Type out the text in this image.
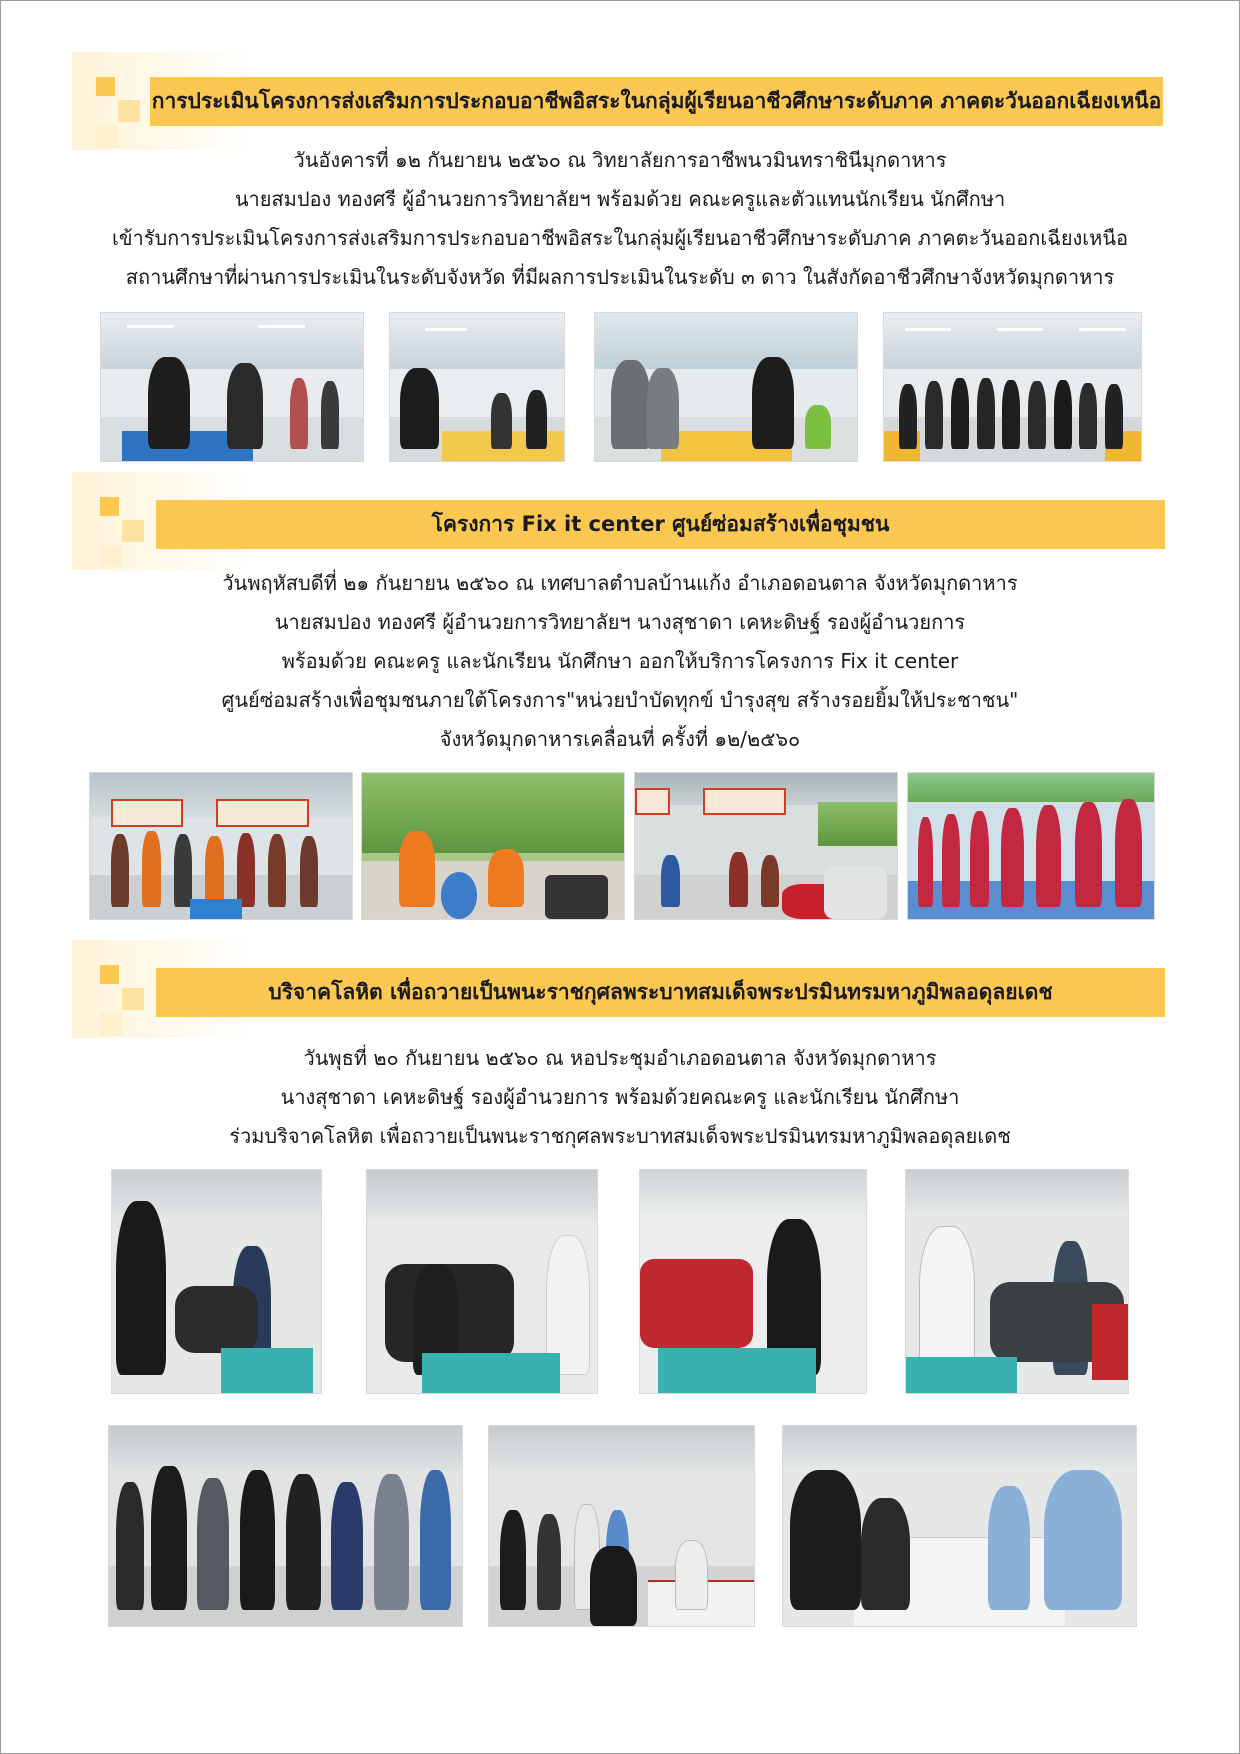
การประเมินโครงการส่งเสริมการประกอบอาชีพอิสระในกลุ่มผู้เรียนอาชีวศึกษาระดับภาค ภาคตะวันออกเฉียงเหนือ
วันอังคารที่ ๑๒ กันยายน ๒๕๖๐ ณ วิทยาลัยการอาชีพนวมินทราชินีมุกดาหาร
นายสมปอง ทองศรี ผู้อำนวยการวิทยาลัยฯ พร้อมด้วย คณะครูและตัวแทนนักเรียน นักศึกษา
เข้ารับการประเมินโครงการส่งเสริมการประกอบอาชีพอิสระในกลุ่มผู้เรียนอาชีวศึกษาระดับภาค ภาคตะวันออกเฉียงเหนือ
สถานศึกษาที่ผ่านการประเมินในระดับจังหวัด ที่มีผลการประเมินในระดับ ๓ ดาว ในสังกัดอาชีวศึกษาจังหวัดมุกดาหาร
โครงการ Fix it center ศูนย์ซ่อมสร้างเพื่อชุมชน
วันพฤหัสบดีที่ ๒๑ กันยายน ๒๕๖๐ ณ เทศบาลตำบลบ้านแก้ง อำเภอดอนตาล จังหวัดมุกดาหาร
นายสมปอง ทองศรี ผู้อำนวยการวิทยาลัยฯ นางสุชาดา เคหะดิษฐ์ รองผู้อำนวยการ
พร้อมด้วย คณะครู และนักเรียน นักศึกษา ออกให้บริการโครงการ Fix it center
ศูนย์ซ่อมสร้างเพื่อชุมชนภายใต้โครงการ"หน่วยบำบัดทุกข์ บำรุงสุข สร้างรอยยิ้มให้ประชาชน"
จังหวัดมุกดาหารเคลื่อนที่ ครั้งที่ ๑๒/๒๕๖๐
บริจาคโลหิต เพื่อถวายเป็นพนะราชกุศลพระบาทสมเด็จพระปรมินทรมหาภูมิพลอดุลยเดช
วันพุธที่ ๒๐ กันยายน ๒๕๖๐ ณ หอประชุมอำเภอดอนตาล จังหวัดมุกดาหาร
นางสุชาดา เคหะดิษฐ์ รองผู้อำนวยการ พร้อมด้วยคณะครู และนักเรียน นักศึกษา
ร่วมบริจาคโลหิต เพื่อถวายเป็นพนะราชกุศลพระบาทสมเด็จพระปรมินทรมหาภูมิพลอดุลยเดช
